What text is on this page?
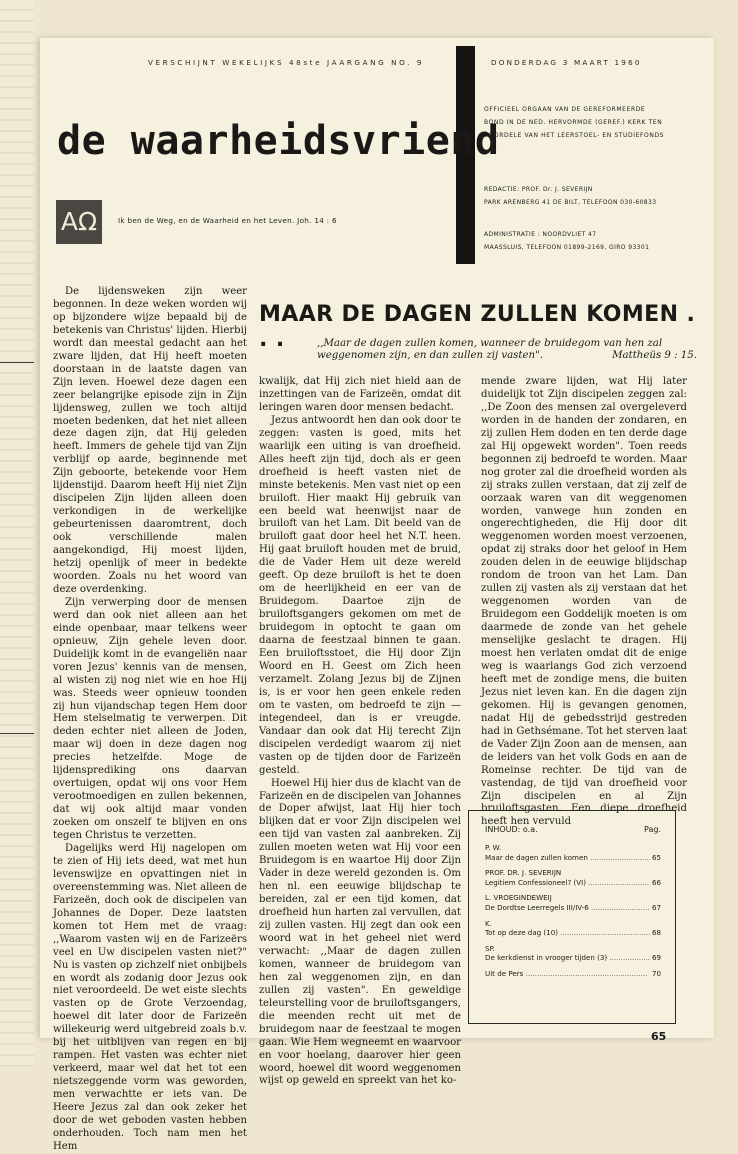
VERSCHIJNT WEKELIJKS 48ste JAARGANG NO. 9	DONDERDAG 3 MAART 1960
de waarheidsvriend
OFFICIEEL ORGAAN VAN DE GEREFORMEERDE
BOND IN DE NED. HERVORMDE (GEREF.) KERK TEN
VOORDELE VAN HET LEERSTOEL- EN STUDIEFONDS
REDACTIE: PROF. Dr. J. SEVERIJN
PARK ARENBERG 41 DE BILT, TELEFOON 030-60833
ADMINISTRATIE : NOORDVLIET 47
MAASSLUIS, TELEFOON 01899-2169, GIRO 93301
AΩ	Ik ben de Weg, en de Waarheid en het Leven. Joh. 14 : 6
MAAR DE DAGEN ZULLEN KOMEN . . .	,,Maar de dagen zullen komen, wanneer de bruidegom van hen zal weggenomen zijn, en dan zullen zij vasten".	Mattheüs 9 : 15.

De lijdensweken zijn weer begonnen. In deze weken worden wij op bijzondere wijze bepaald bij de betekenis van Christus' lijden. Hierbij wordt dan meestal gedacht aan het zware lijden, dat Hij heeft moeten doorstaan in de laatste dagen van Zijn leven. Hoewel deze dagen een zeer belangrijke episode zijn in Zijn lijdensweg, zullen we toch altijd moeten bedenken, dat het niet alleen deze dagen zijn, dat Hij geleden heeft. Immers de gehele tijd van Zijn verblijf op aarde, beginnende met Zijn geboorte, betekende voor Hem lijdenstijd. Daarom heeft Hij niet Zijn discipelen Zijn lijden alleen doen verkondigen in de werkelijke gebeurtenissen daaromtrent, doch ook verschillende malen aangekondigd, Hij moest lijden, hetzij openlijk of meer in bedekte woorden. Zoals nu het woord van deze overdenking.

Zijn verwerping door de mensen werd dan ook niet alleen aan het einde openbaar, maar telkens weer opnieuw, Zijn gehele leven door. Duidelijk komt in de evangeliën naar voren Jezus' kennis van de mensen, al wisten zij nog niet wie en hoe Hij was. Steeds weer opnieuw toonden zij hun vijandschap tegen Hem door Hem stelselmatig te verwerpen. Dit deden echter niet alleen de Joden, maar wij doen in deze dagen nog precies hetzelfde. Moge de lijdensprediking ons daarvan overtuigen, opdat wij ons voor Hem verootmoedigen en zullen bekennen, dat wij ook altijd maar vonden zoeken om onszelf te blijven en ons tegen Christus te verzetten.

Dagelijks werd Hij nagelopen om te zien of Hij iets deed, wat met hun levenswijze en opvattingen niet in overeenstemming was. Niet alleen de Farizeën, doch ook de discipelen van Johannes de Doper. Deze laatsten komen tot Hem met de vraag: ,,Waarom vasten wij en de Farizeërs veel en Uw discipelen vasten niet?" Nu is vasten op zichzelf niet onbijbels en wordt als zodanig door Jezus ook niet veroordeeld. De wet eiste slechts vasten op de Grote Verzoendag, hoewel dit later door de Farizeën willekeurig werd uitgebreid zoals b.v. bij het uitblijven van regen en bij rampen. Het vasten was echter niet verkeerd, maar wel dat het tot een nietszeggende vorm was geworden, men verwachtte er iets van. De Heere Jezus zal dan ook zeker het door de wet geboden vasten hebben onderhouden. Toch nam men het Hem

kwalijk, dat Hij zich niet hield aan de inzettingen van de Farizeën, omdat dit leringen waren door mensen bedacht.

Jezus antwoordt hen dan ook door te zeggen: vasten is goed, mits het waarlijk een uiting is van droefheid. Alles heeft zijn tijd, doch als er geen droefheid is heeft vasten niet de minste betekenis. Men vast niet op een bruiloft. Hier maakt Hij gebruik van een beeld wat heenwijst naar de bruiloft van het Lam. Dit beeld van de bruiloft gaat door heel het N.T. heen. Hij gaat bruiloft houden met de bruid, die de Vader Hem uit deze wereld geeft. Op deze bruiloft is het te doen om de heerlijkheid en eer van de Bruidegom. Daartoe zijn de bruiloftsgangers gekomen om met de bruidegom in optocht te gaan om daarna de feestzaal binnen te gaan. Een bruiloftsstoet, die Hij door Zijn Woord en H. Geest om Zich heen verzamelt. Zolang Jezus bij de Zijnen is, is er voor hen geen enkele reden om te vasten, om bedroefd te zijn — integendeel, dan is er vreugde. Vandaar dan ook dat Hij terecht Zijn discipelen verdedigt waarom zij niet vasten op de tijden door de Farizeën gesteld.

Hoewel Hij hier dus de klacht van de Farizeën en de discipelen van Johannes de Doper afwijst, laat Hij hier toch blijken dat er voor Zijn discipelen wel een tijd van vasten zal aanbreken. Zij zullen moeten weten wat Hij voor een Bruidegom is en waartoe Hij door Zijn Vader in deze wereld gezonden is. Om hen nl. een eeuwige blijdschap te bereiden, zal er een tijd komen, dat droefheid hun harten zal vervullen, dat zij zullen vasten. Hij zegt dan ook een woord wat in het geheel niet werd verwacht: ,,Maar de dagen zullen komen, wanneer de bruidegom van hen zal weggenomen zijn, en dan zullen zij vasten". En geweldige teleurstelling voor de bruiloftsgangers, die meenden recht uit met de bruidegom naar de feestzaal te mogen gaan. Wie Hem wegneemt en waarvoor en voor hoelang, daarover hier geen woord, hoewel dit woord weggenomen wijst op geweld en spreekt van het ko-

mende zware lijden, wat Hij later duidelijk tot Zijn discipelen zeggen zal: ,,De Zoon des mensen zal overgeleverd worden in de handen der zondaren, en zij zullen Hem doden en ten derde dage zal Hij opgewekt worden". Toen reeds begonnen zij bedroefd te worden. Maar nog groter zal die droefheid worden als zij straks zullen verstaan, dat zij zelf de oorzaak waren van dit weggenomen worden, vanwege hun zonden en ongerechtigheden, die Hij door dit weggenomen worden moest verzoenen, opdat zij straks door het geloof in Hem zouden delen in de eeuwige blijdschap rondom de troon van het Lam. Dan zullen zij vasten als zij verstaan dat het weggenomen worden van de Bruidegom een Goddelijk moeten is om daarmede de zonde van het gehele menselijke geslacht te dragen. Hij moest hen verlaten omdat dit de enige weg is waarlangs God zich verzoend heeft met de zondige mens, die buiten Jezus niet leven kan. En die dagen zijn gekomen. Hij is gevangen genomen, nadat Hij de gebedsstrijd gestreden had in Gethsémane. Tot het sterven laat de Vader Zijn Zoon aan de mensen, aan de leiders van het volk Gods en aan de Romeinse rechter. De tijd van de vastendag, de tijd van droefheid voor Zijn discipelen en al Zijn bruiloftsgasten. Een diepe droefheid heeft hen vervuld

INHOUD: o.a.	Pag.
P. W.
Maar de dagen zullen komen .....	65
PROF. DR. J. SEVERIJN
Legitiem Confessioneel? (VI) .....	66
L. VROEGINDEWEIJ
De Dordtse Leerregels III/IV-6 .....	67
K.
Tot op deze dag (10) .....	68
SP.
De kerkdienst in vrooger tijden (3) .....	69
Uit de Pers .....	70
65
